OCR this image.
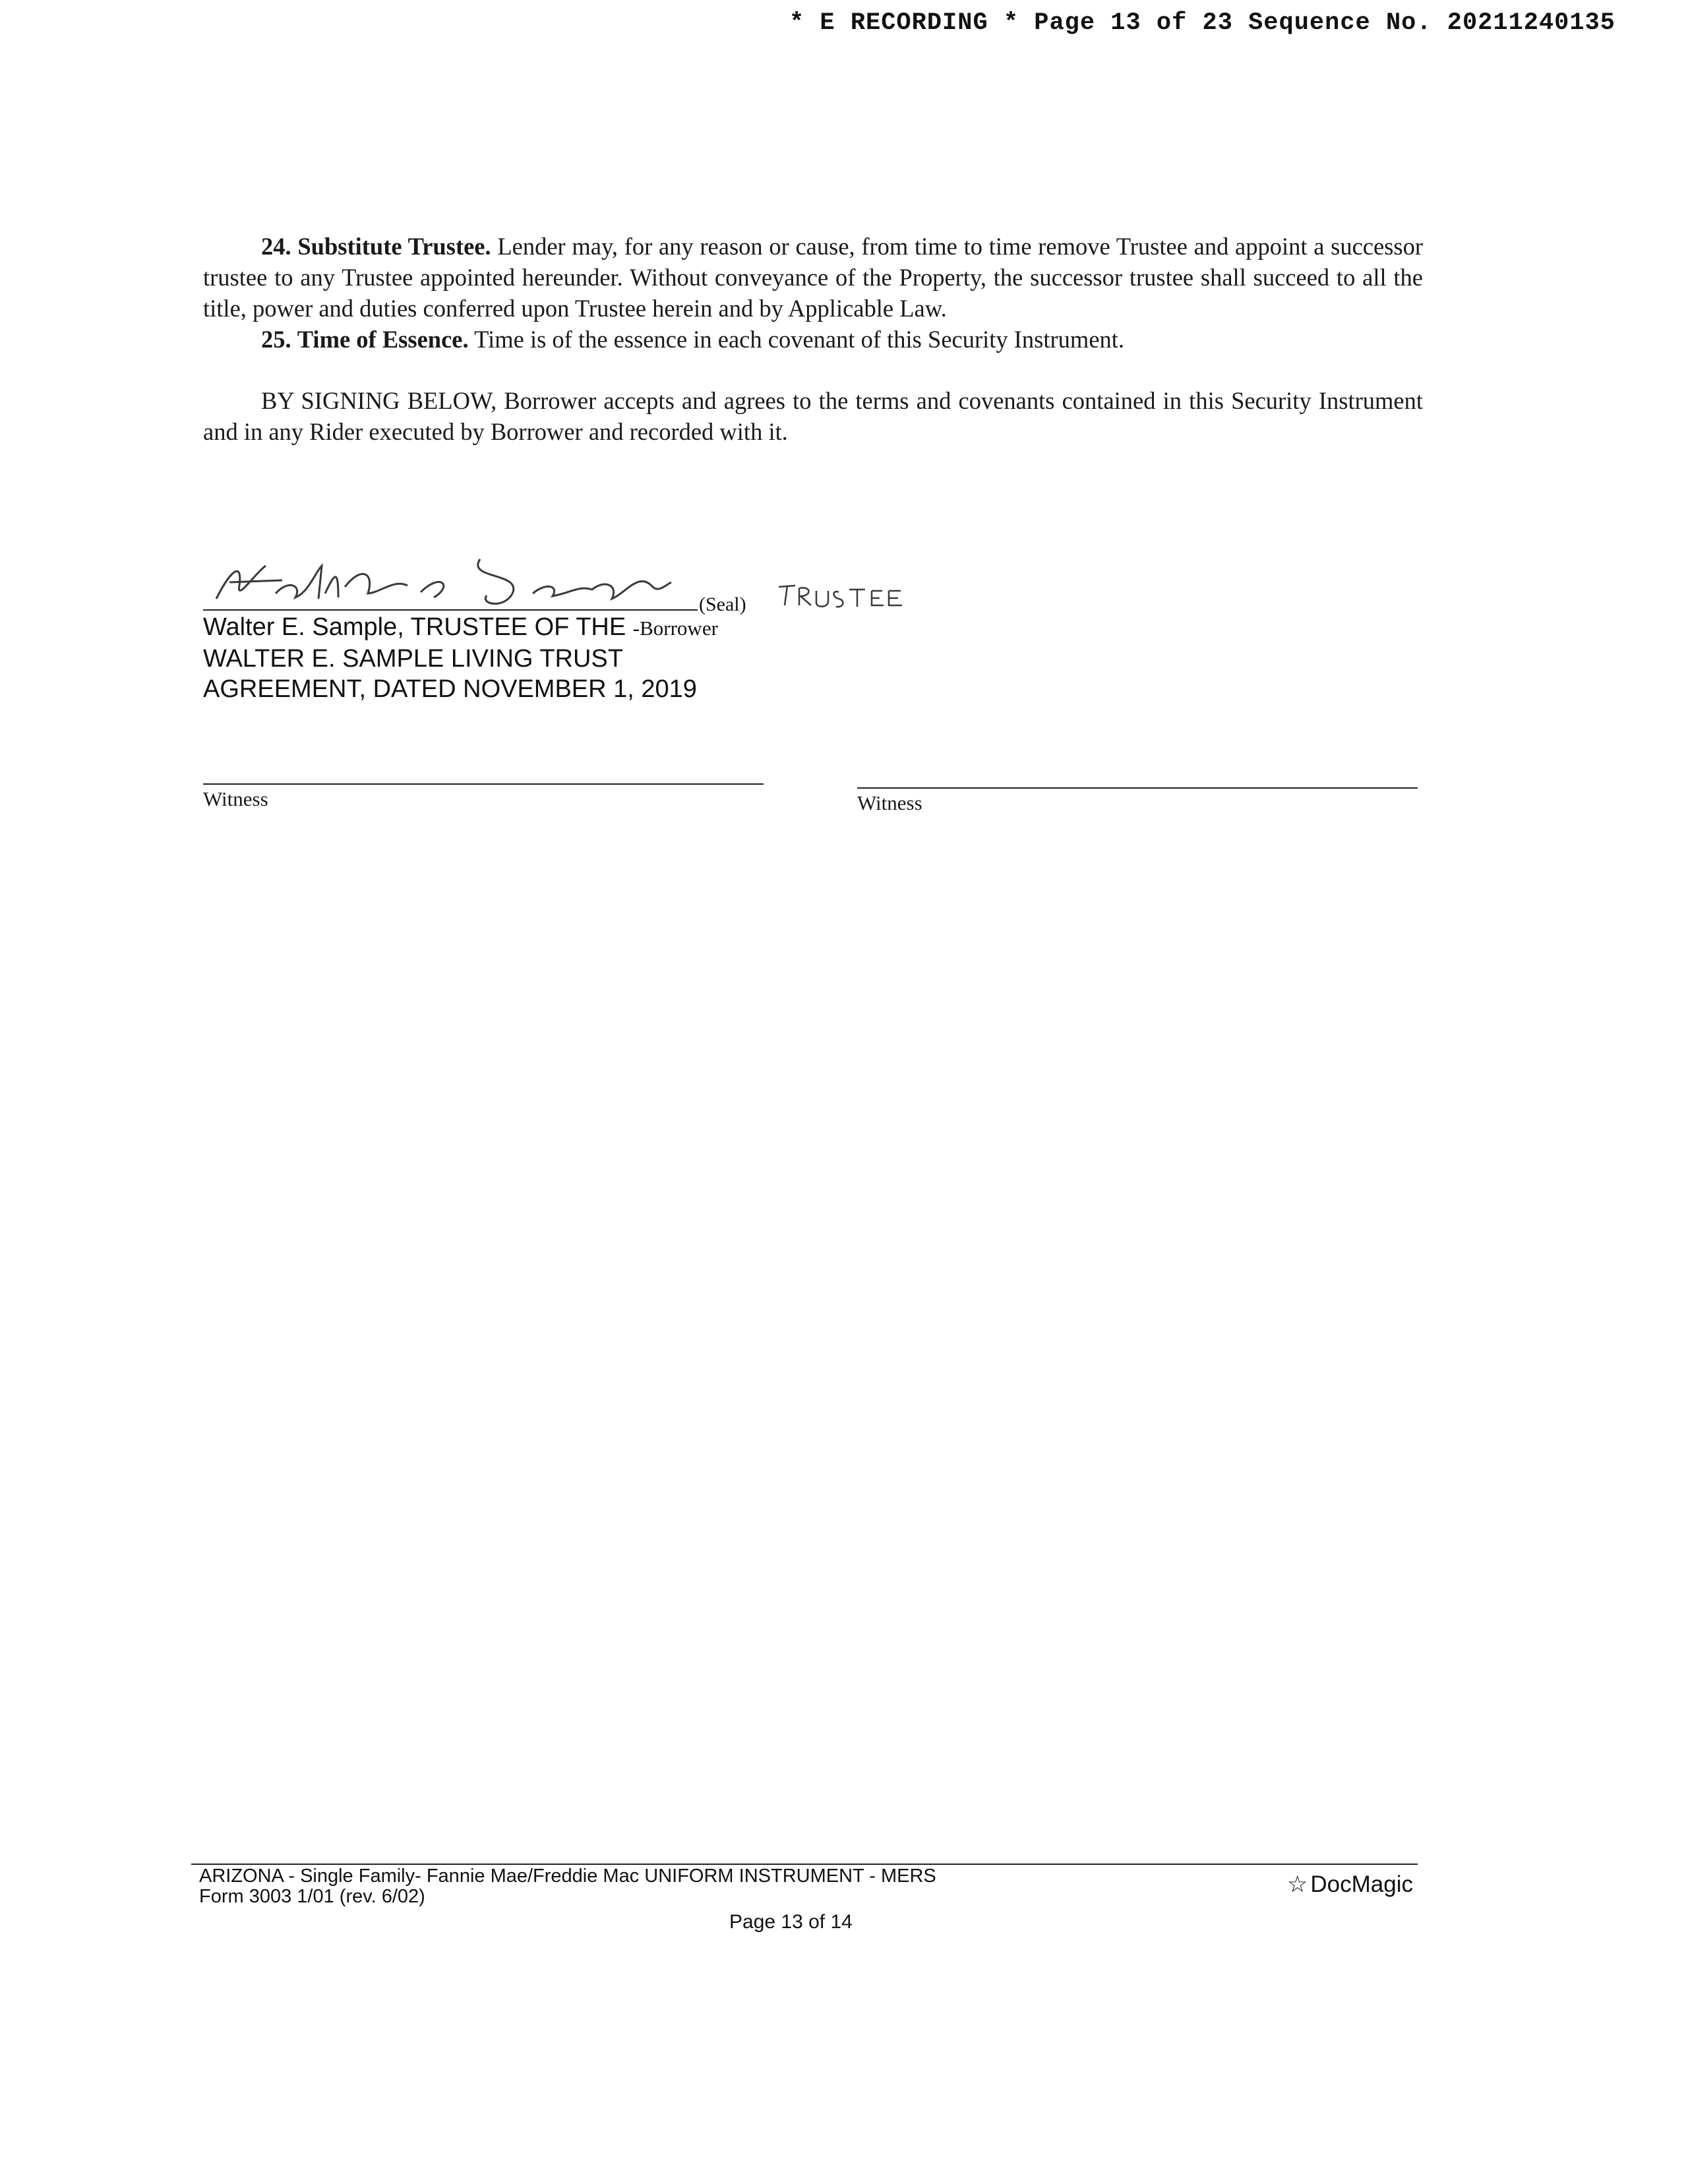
* E RECORDING * Page 13 of 23 Sequence No. 20211240135

24. Substitute Trustee. Lender may, for any reason or cause, from time to time remove Trustee and appoint a successor trustee to any Trustee appointed hereunder. Without conveyance of the Property, the successor trustee shall succeed to all the title, power and duties conferred upon Trustee herein and by Applicable Law.

25. Time of Essence. Time is of the essence in each covenant of this Security Instrument.

BY SIGNING BELOW, Borrower accepts and agrees to the terms and covenants contained in this Security Instrument and in any Rider executed by Borrower and recorded with it.

(Seal)
Walter E. Sample, TRUSTEE OF THE -Borrower
WALTER E. SAMPLE LIVING TRUST
AGREEMENT, DATED NOVEMBER 1, 2019
Witness	Witness
ARIZONA - Single Family- Fannie Mae/Freddie Mac UNIFORM INSTRUMENT - MERS
Form 3003 1/01 (rev. 6/02)
Page 13 of 14
☆ DocMagic
